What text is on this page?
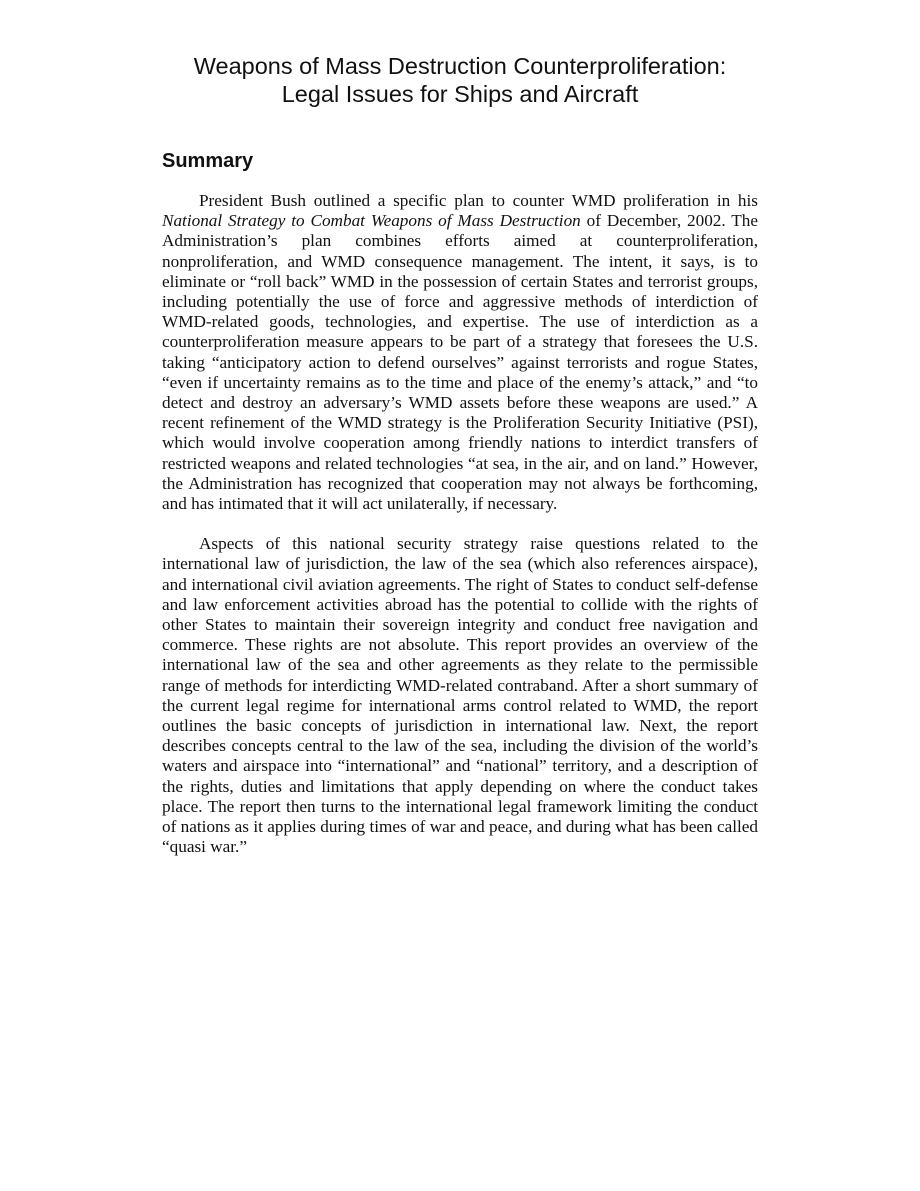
Weapons of Mass Destruction Counterproliferation:
Legal Issues for Ships and Aircraft
Summary

President Bush outlined a specific plan to counter WMD proliferation in his National Strategy to Combat Weapons of Mass Destruction of December, 2002. The Administration’s plan combines efforts aimed at counterproliferation, nonproliferation, and WMD consequence management. The intent, it says, is to eliminate or “roll back” WMD in the possession of certain States and terrorist groups, including potentially the use of force and aggressive methods of interdiction of WMD-related goods, technologies, and expertise. The use of interdiction as a counterproliferation measure appears to be part of a strategy that foresees the U.S. taking “anticipatory action to defend ourselves” against terrorists and rogue States, “even if uncertainty remains as to the time and place of the enemy’s attack,” and “to detect and destroy an adversary’s WMD assets before these weapons are used.” A recent refinement of the WMD strategy is the Proliferation Security Initiative (PSI), which would involve cooperation among friendly nations to interdict transfers of restricted weapons and related technologies “at sea, in the air, and on land.” However, the Administration has recognized that cooperation may not always be forthcoming, and has intimated that it will act unilaterally, if necessary.

Aspects of this national security strategy raise questions related to the international law of jurisdiction, the law of the sea (which also references airspace), and international civil aviation agreements. The right of States to conduct self-defense and law enforcement activities abroad has the potential to collide with the rights of other States to maintain their sovereign integrity and conduct free navigation and commerce. These rights are not absolute. This report provides an overview of the international law of the sea and other agreements as they relate to the permissible range of methods for interdicting WMD-related contraband. After a short summary of the current legal regime for international arms control related to WMD, the report outlines the basic concepts of jurisdiction in international law. Next, the report describes concepts central to the law of the sea, including the division of the world’s waters and airspace into “international” and “national” territory, and a description of the rights, duties and limitations that apply depending on where the conduct takes place. The report then turns to the international legal framework limiting the conduct of nations as it applies during times of war and peace, and during what has been called “quasi war.”
